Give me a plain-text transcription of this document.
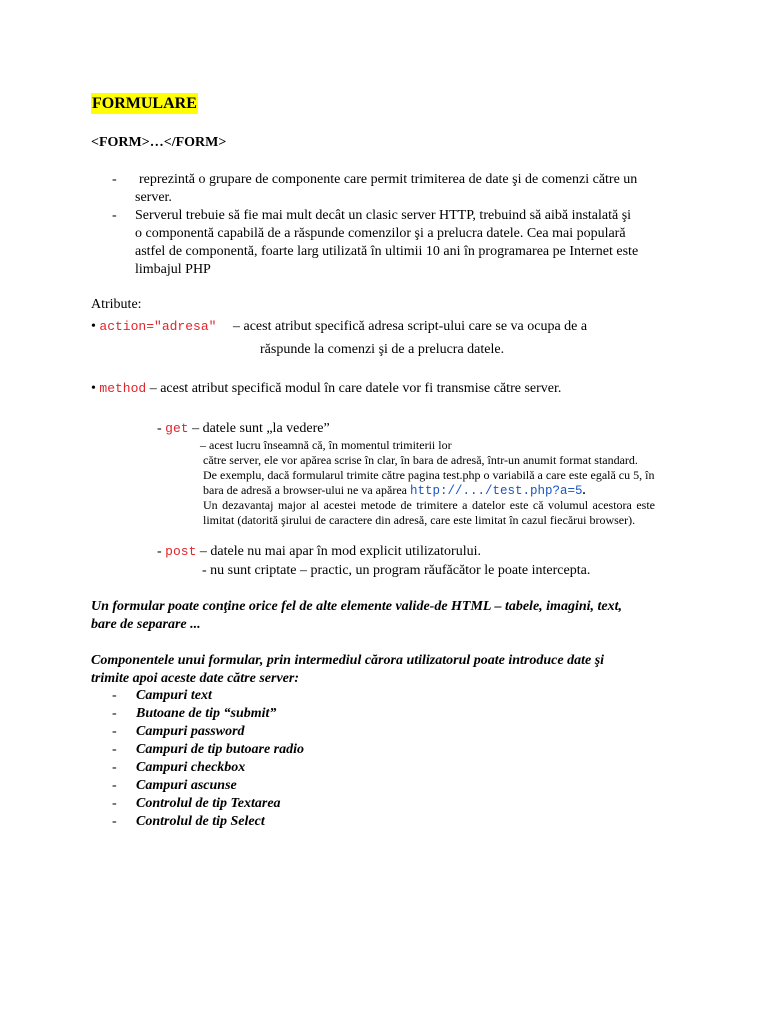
FORMULARE
<FORM>…</FORM>
- reprezintă o grupare de componente care permit trimiterea de date şi de comenzi către un
server.
- Serverul trebuie să fie mai mult decât un clasic server HTTP, trebuind să aibă instalată şi
o componentă capabilă de a răspunde comenzilor şi a prelucra datele. Cea mai populară
astfel de componentă, foarte larg utilizată în ultimii 10 ani în programarea pe Internet este
limbajul PHP
Atribute:
• action="adresa" – acest atribut specifică adresa script-ului care se va ocupa de a
răspunde la comenzi şi de a prelucra datele.
• method – acest atribut specifică modul în care datele vor fi transmise către server.
- get – datele sunt „la vedere”
– acest lucru înseamnă că, în momentul trimiterii lor
către server, ele vor apărea scrise în clar, în bara de adresă, într-un anumit format standard.
De exemplu, dacă formularul trimite către pagina test.php o variabilă a care este egală cu 5, în
bara de adresă a browser-ului ne va apărea http://.../test.php?a=5.
Un dezavantaj major al acestei metode de trimitere a datelor este că volumul acestora este
limitat (datorită şirului de caractere din adresă, care este limitat în cazul fiecărui browser).
- post – datele nu mai apar în mod explicit utilizatorului.
- nu sunt criptate – practic, un program răufăcător le poate intercepta.
Un formular poate conţine orice fel de alte elemente valide-de HTML – tabele, imagini, text,
bare de separare ...
Componentele unui formular, prin intermediul cărora utilizatorul poate introduce date şi
trimite apoi aceste date către server:
- Campuri text
- Butoane de tip “submit”
- Campuri password
- Campuri de tip butoare radio
- Campuri checkbox
- Campuri ascunse
- Controlul de tip Textarea
- Controlul de tip Select
